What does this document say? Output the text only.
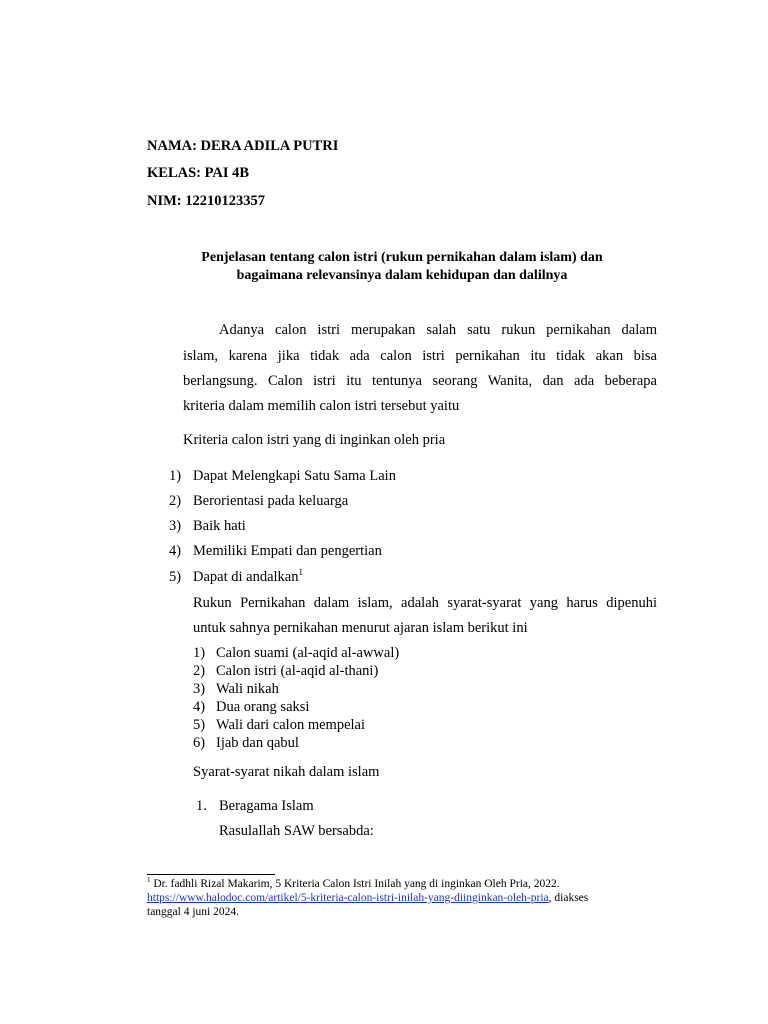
NAMA: DERA ADILA PUTRI
KELAS: PAI 4B
NIM: 12210123357
Penjelasan tentang calon istri (rukun pernikahan dalam islam) dan
bagaimana relevansinya dalam kehidupan dan dalilnya
Adanya calon istri merupakan salah satu rukun pernikahan dalam
islam, karena jika tidak ada calon istri pernikahan itu tidak akan bisa
berlangsung. Calon istri itu tentunya seorang Wanita, dan ada beberapa
kriteria dalam memilih calon istri tersebut yaitu
Kriteria calon istri yang di inginkan oleh pria
1) Dapat Melengkapi Satu Sama Lain
2) Berorientasi pada keluarga
3) Baik hati
4) Memiliki Empati dan pengertian
5) Dapat di andalkan$^1$
Rukun Pernikahan dalam islam, adalah syarat-syarat yang harus dipenuhi
untuk sahnya pernikahan menurut ajaran islam berikut ini
1) Calon suami (al-aqid al-awwal)
2) Calon istri (al-aqid al-thani)
3) Wali nikah
4) Dua orang saksi
5) Wali dari calon mempelai
6) Ijab dan qabul
Syarat-syarat nikah dalam islam
1. Beragama Islam
Rasulallah SAW bersabda:
$^1$ Dr. fadhli Rizal Makarim, 5 Kriteria Calon Istri Inilah yang di inginkan Oleh Pria, 2022.
https://www.halodoc.com/artikel/5-kriteria-calon-istri-inilah-yang-diinginkan-oleh-pria, diakses
tanggal 4 juni 2024.
